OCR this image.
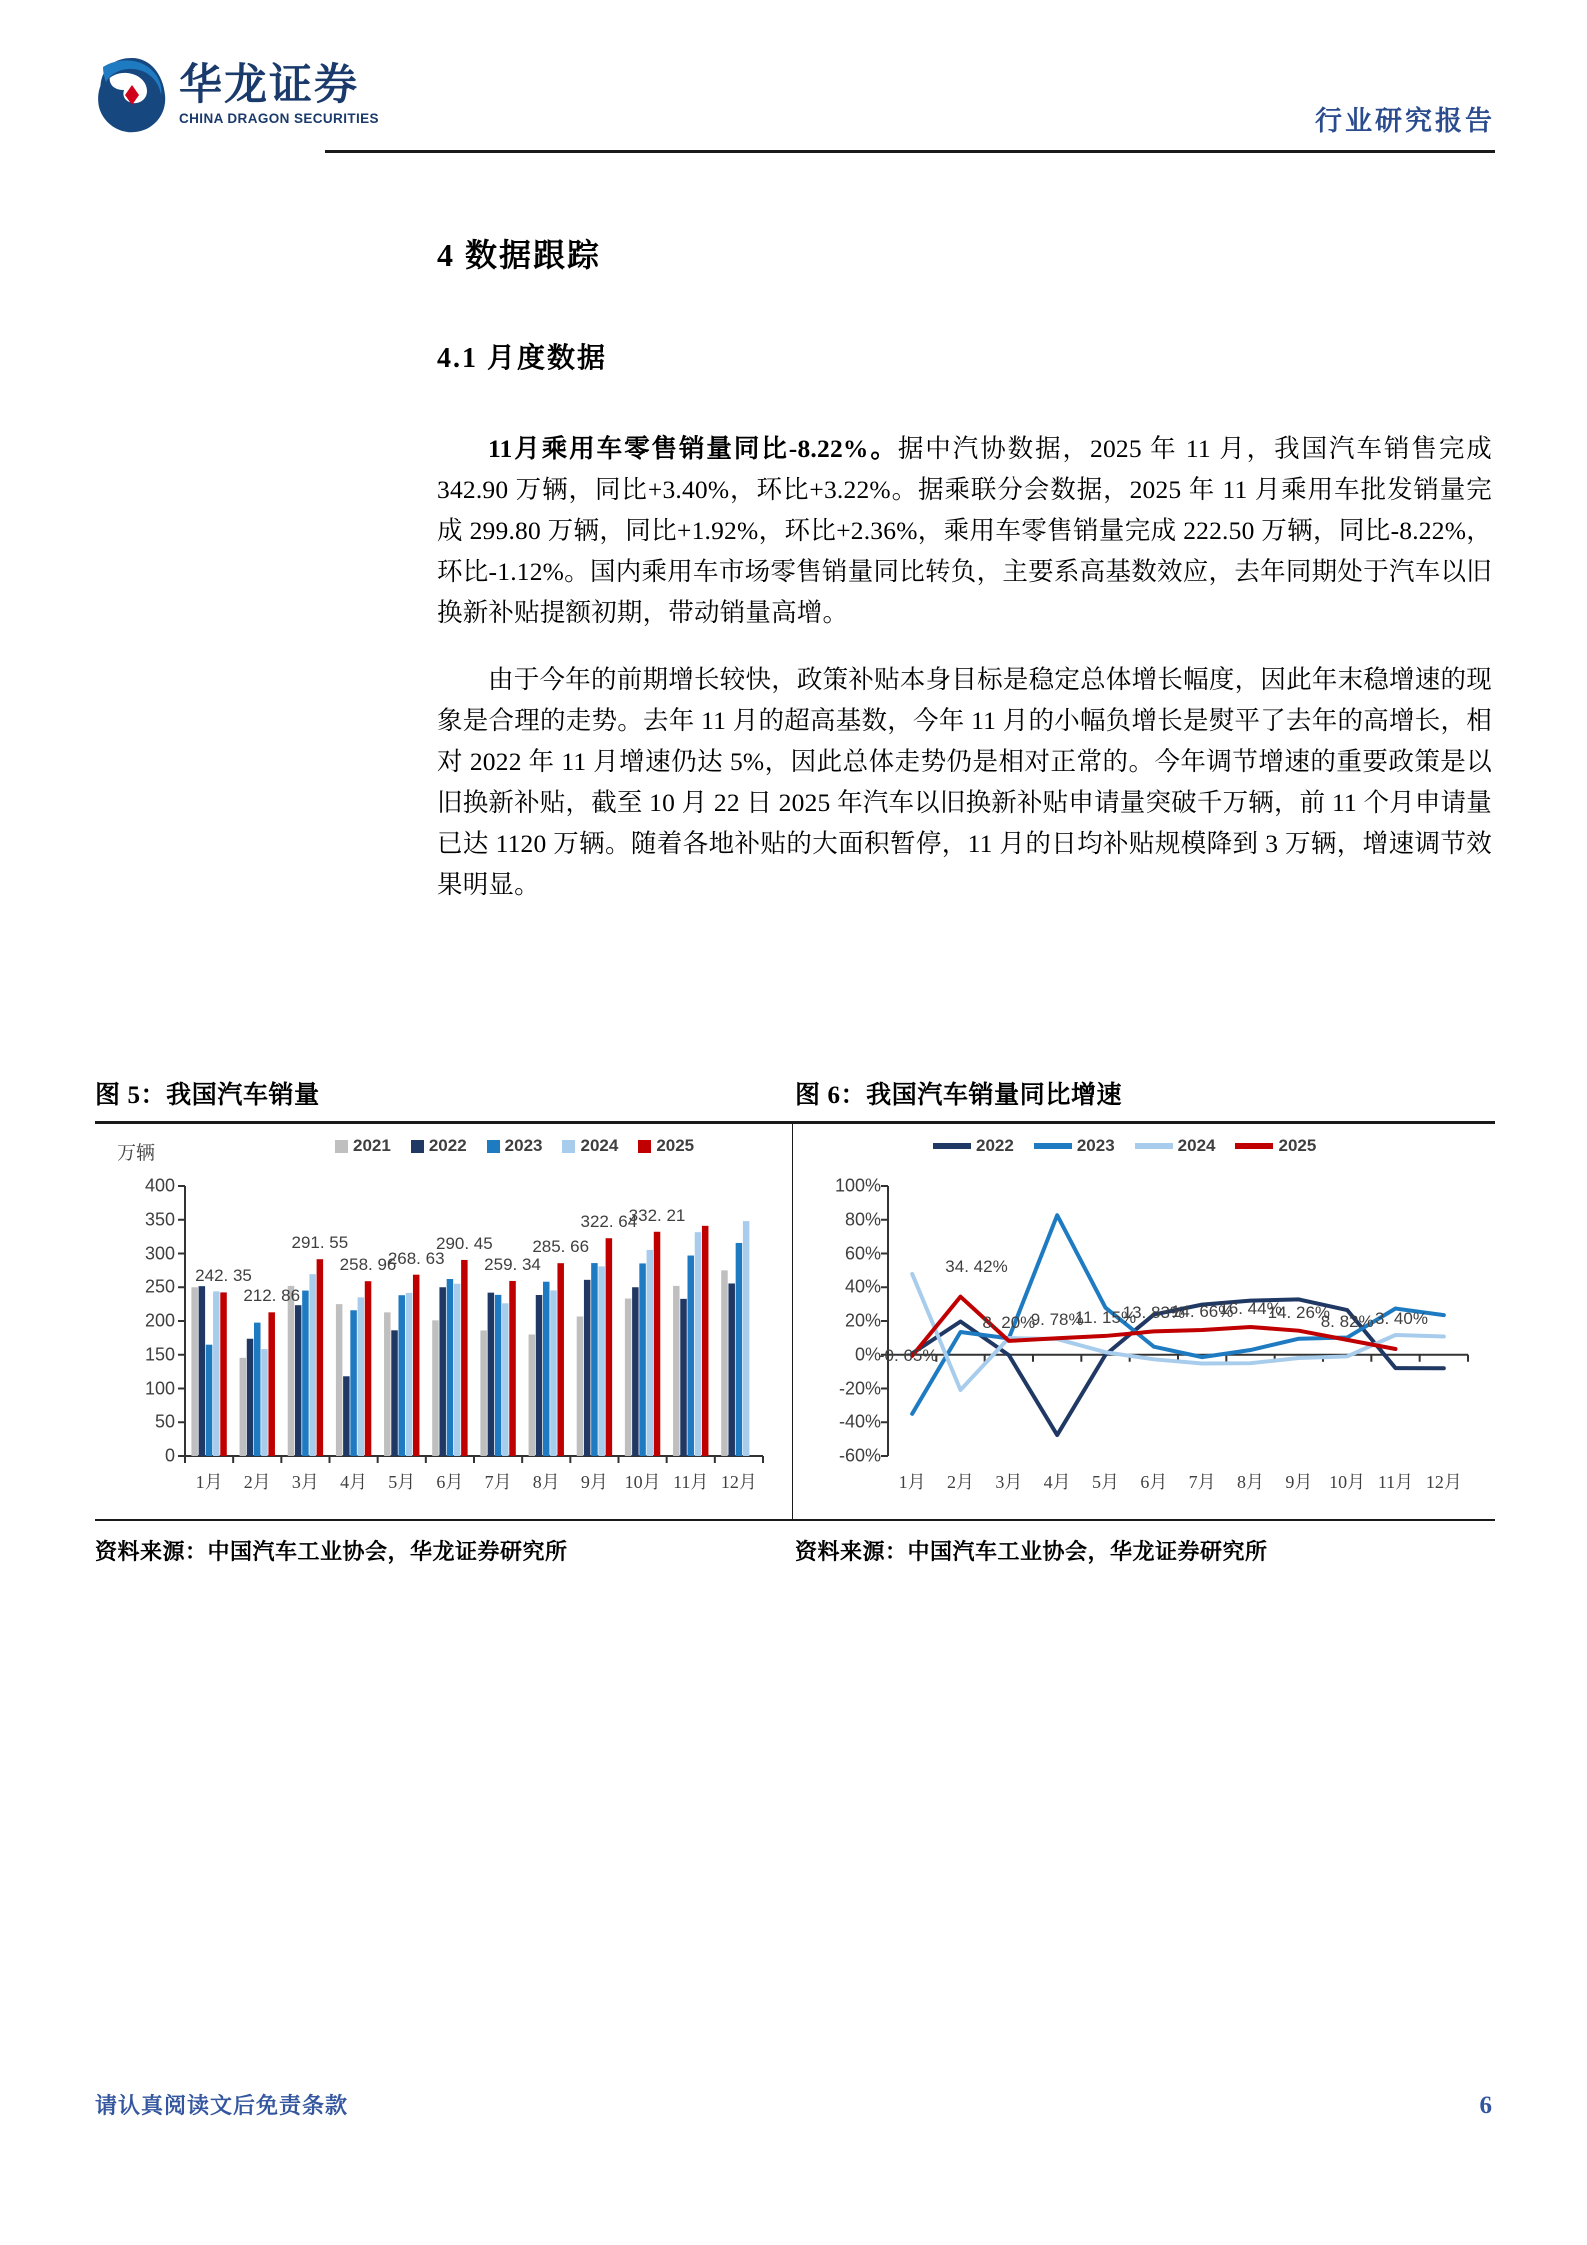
华龙证券
CHINA DRAGON SECURITIES	行业研究报告
4 数据跟踪
4.1 月度数据

11月乘用车零售销量同比-8.22%。据中汽协数据，2025 年 11 月，我国汽车销售完成 342.90 万辆，同比+3.40%，环比+3.22%。据乘联分会数据，2025 年 11 月乘用车批发销量完成 299.80 万辆，同比+1.92%，环比+2.36%，乘用车零售销量完成 222.50 万辆，同比-8.22%，环比-1.12%。国内乘用车市场零售销量同比转负，主要系高基数效应，去年同期处于汽车以旧换新补贴提额初期，带动销量高增。

由于今年的前期增长较快，政策补贴本身目标是稳定总体增长幅度，因此年末稳增速的现象是合理的走势。去年 11 月的超高基数，今年 11 月的小幅负增长是熨平了去年的高增长，相对 2022 年 11 月增速仍达 5%，因此总体走势仍是相对正常的。今年调节增速的重要政策是以旧换新补贴，截至 10 月 22 日 2025 年汽车以旧换新补贴申请量突破千万辆，前 11 个月申请量已达 1120 万辆。随着各地补贴的大面积暂停，11 月的日均补贴规模降到 3 万辆，增速调节效果明显。

图 5：我国汽车销量	图 6：我国汽车销量同比增速
万辆	2021 2022 2023 2024 2025
0
50
100
150
200
250
300
350
400
1月	2月	3月	4月	5月	6月	7月	8月	9月 10月 11月 12月
242. 35
212. 86
291. 55
258. 96
268. 63
290. 45
259. 34
285. 66
322. 64
332. 21
2022	2023	2024	2025
-60%
-40%
-20%
0%
20%
40%
60%
80%
100%
1月	2月	3月	4月	5月	6月	7月	8月	9月 10月 11月 12月
-0. 65%
34. 42%
8. 20%
9. 78%
11. 15%
13. 83%
14. 66%
16. 44%
14. 26%
8. 82% 3. 40%
资料来源：中国汽车工业协会，华龙证券研究所	资料来源：中国汽车工业协会，华龙证券研究所
请认真阅读文后免责条款	6
